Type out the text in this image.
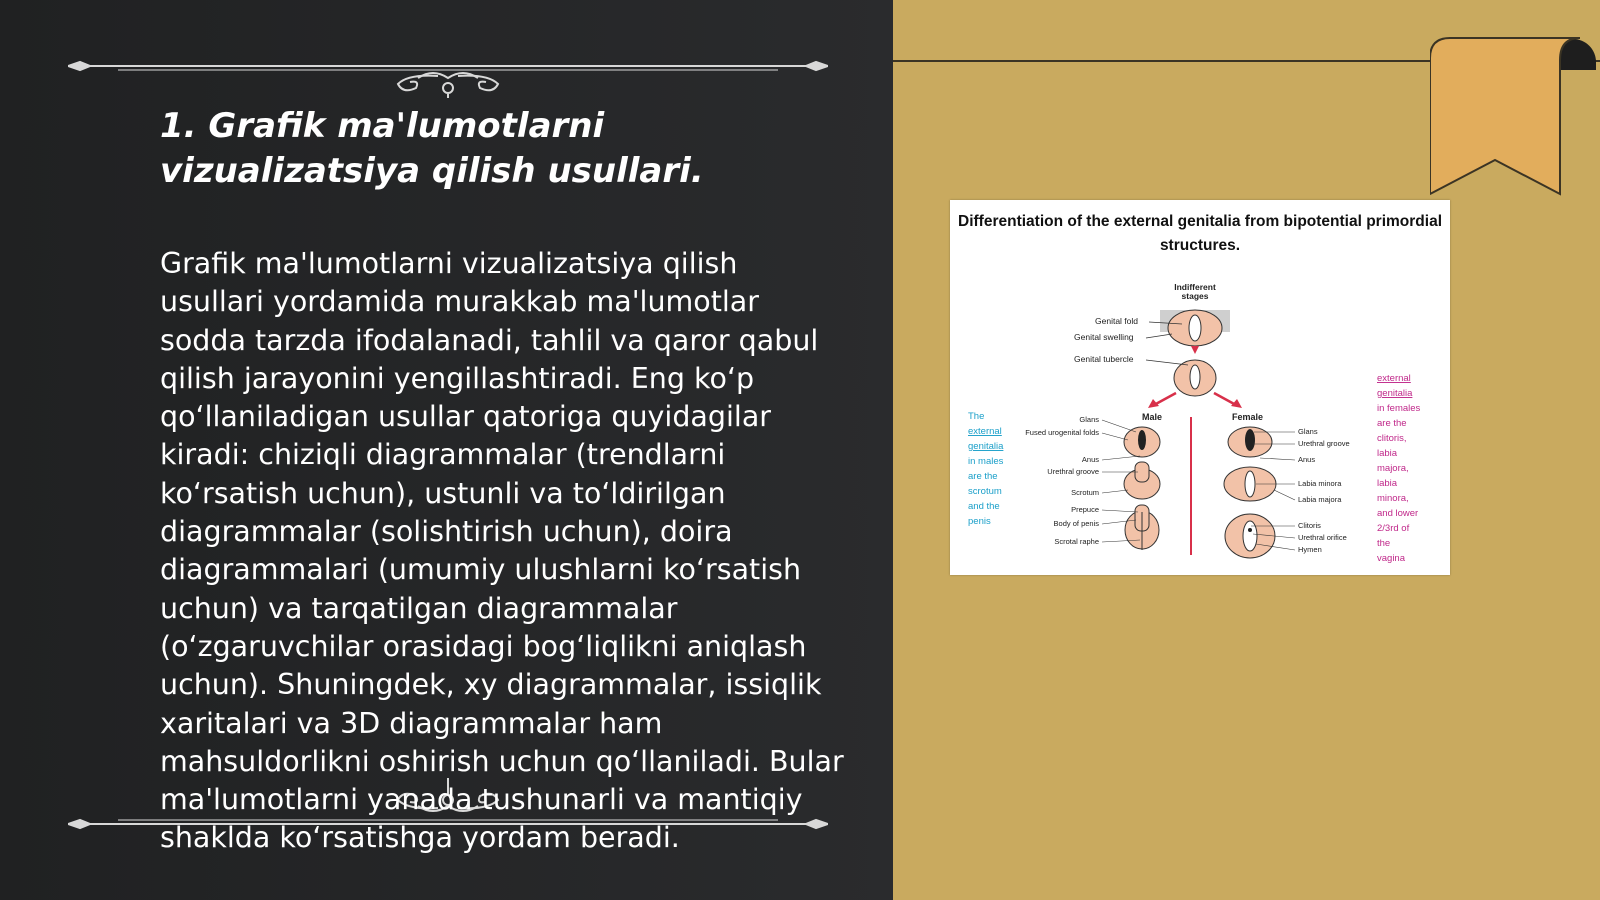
1. Grafik ma'lumotlarni vizualizatsiya qilish usullari.

Grafik ma'lumotlarni vizualizatsiya qilish usullari yordamida murakkab ma'lumotlar sodda tarzda ifodalanadi, tahlil va qaror qabul qilish jarayonini yengillashtiradi. Eng ko‘p qo‘llaniladigan usullar qatoriga quyidagilar kiradi: chiziqli diagrammalar (trendlarni ko‘rsatish uchun), ustunli va to‘ldirilgan diagrammalar (solishtirish uchun), doira diagrammalari (umumiy ulushlarni ko‘rsatish uchun) va tarqatilgan diagrammalar (o‘zgaruvchilar orasidagi bog‘liqlikni aniqlash uchun). Shuningdek, xy diagrammalar, issiqlik xaritalari va 3D diagrammalar ham mahsuldorlikni oshirish uchun qo‘llaniladi. Bular ma'lumotlarni yanada tushunarli va mantiqiy shaklda ko‘rsatishga yordam beradi.

Differentiation of the external genitalia from bipotential primordial structures.

Indifferent
stages
Genital fold
Genital swelling
Genital tubercle
Male	Female
Glans
Fused urogenital folds
Anus
Urethral groove
Scrotum
Prepuce
Body of penis
Scrotal raphe
Glans
Urethral groove
Anus
Labia minora
Labia majora
Clitoris
Urethral orifice
Hymen
The
external
genitalia
in males
are the
scrotum
and the
penis
external
genitalia
in females
are the
clitoris,
labia
majora,
labia
minora,
and lower
2/3rd of
the
vagina
